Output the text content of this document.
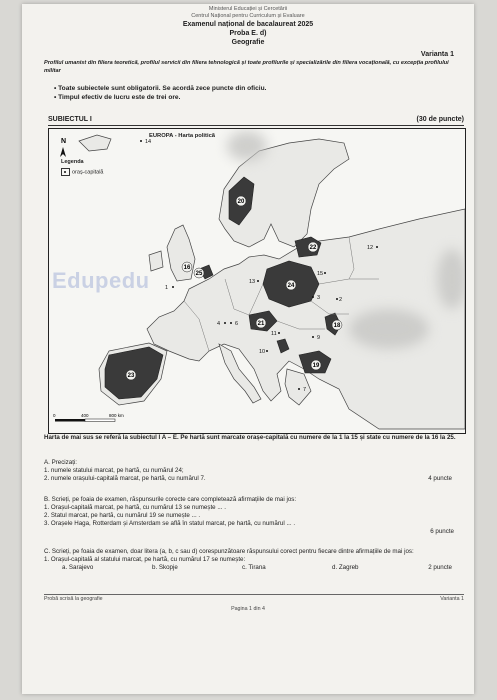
Ministerul Educației și Cercetării
Centrul Național pentru Curriculum și Evaluare
Examenul național de bacalaureat 2025
Proba E. d)
Geografie
Varianta 1
Profilul umanist din filiera teoretică, profilul servicii din filiera tehnologică și toate profilurile și specializările din filiera vocațională, cu excepția profilului militar
• Toate subiectele sunt obligatorii. Se acordă zece puncte din oficiu.
• Timpul efectiv de lucru este de trei ore.
SUBIECTUL I	(30 de puncte)
20
22
24
23
21
19
25
16
18
12
13
15
3	2
4	6
11
9
10
14
1
7
N
0	400	800 km
EUROPA - Harta politică
Legenda
oraș-capitală
Edupedu
Harta de mai sus se referă la subiectul I A – E. Pe hartă sunt marcate orașe-capitală cu numere de la 1 la 15 și state cu numere de la 16 la 25.
A. Precizați:
1. numele statului marcat, pe hartă, cu numărul 24;
2. numele orașului-capitală marcat, pe hartă, cu numărul 7.	4 puncte
B. Scrieți, pe foaia de examen, răspunsurile corecte care completează afirmațiile de mai jos:
1. Orașul-capitală marcat, pe hartă, cu numărul 13 se numește ... .
2. Statul marcat, pe hartă, cu numărul 19 se numește ... .
3. Orașele Haga, Rotterdam și Amsterdam se află în statul marcat, pe hartă, cu numărul ... .
6 puncte
C. Scrieți, pe foaia de examen, doar litera (a, b, c sau d) corespunzătoare răspunsului corect pentru fiecare dintre afirmațiile de mai jos:
1. Orașul-capitală al statului marcat, pe hartă, cu numărul 17 se numește:
a. Sarajevo	b. Skopje	c. Tirana	d. Zagreb	2 puncte
Probă scrisă la geografie	Varianta 1
Pagina 1 din 4
